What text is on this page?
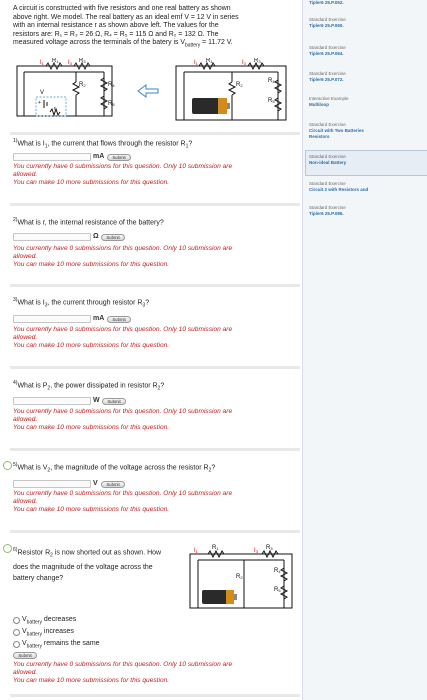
Tipler6 25.P.052.
Standard Exercise
Tipler6 25.P.060.
Standard Exercise
Tipler6 25.P.064.
Standard Exercise
Tipler6 25.P.072.
Interactive Example
Multiloop
Standard Exercise
Circuit with Two Batteries
Resistors
Standard Exercise
Non-ideal Battery
Standard Exercise
Circuit 2 with Resistors and
Standard Exercise
Tipler6 25.P.086.
A circuit is constructed with five resistors and one real battery as shown
above right. We model. The real battery as an ideal emf V = 12 V in series
with an internal resistance r as shown above left. The values for the
resistors are: R₁ = R₃ = 26 Ω, R₄ = R₅ = 115 Ω and R₂ = 132 Ω. The
measured voltage across the terminals of the batery is $V_{battery} = 11.72$ V.
I1 R1 I3 R3
R2	R4
R5
V
+
r
I1 R1	I3 R3
R2
R4
R5
$^{1)}$What is $I_1$, the current that flows through the resistor $R_1$?
mA	Submit
You currently have 0 submissions for this question. Only 10 submission are
allowed.
You can make 10 more submissions for this question.
$^{2)}$What is r, the internal resistance of the battery?
Ω	Submit
You currently have 0 submissions for this question. Only 10 submission are
allowed.
You can make 10 more submissions for this question.
$^{3)}$What is $I_3$, the current through resistor $R_3$?
mA	Submit
You currently have 0 submissions for this question. Only 10 submission are
allowed.
You can make 10 more submissions for this question.
$^{4)}$What is $P_2$, the power dissipated in resistor $R_2$?
W	Submit
You currently have 0 submissions for this question. Only 10 submission are
allowed.
You can make 10 more submissions for this question.
$^{5)}$What is $V_2$, the magnitude of the voltage across the resistor $R_2$?
V	Submit
You currently have 0 submissions for this question. Only 10 submission are
allowed.
You can make 10 more submissions for this question.
$^{6)}$Resistor $R_2$ is now shorted out as shown. How
does the magnitude of the voltage across the
battery change?
I1
R1	I3
R3
R2
R4
R5
$V_{battery}$ decreases
$V_{battery}$ increases
$V_{battery}$ remains the same
Submit
You currently have 0 submissions for this question. Only 10 submission are
allowed.
You can make 10 more submissions for this question.
